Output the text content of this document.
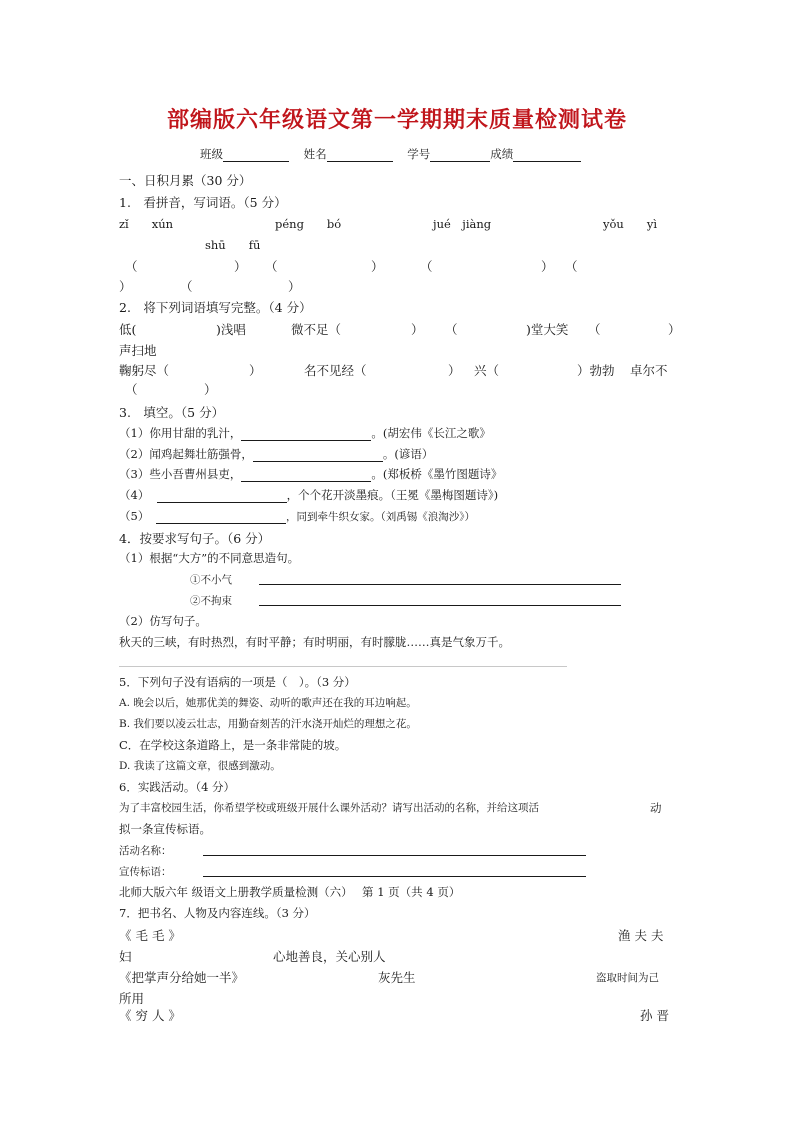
部编版六年级语文第一学期期末质量检测试卷
班级	姓名	学号	成绩
一、日积月累（30 分）
1.　看拼音，写词语。（5 分）
zǐ　　xún	péng　　bó	jué　jiàng	yǒu　　yì
shū　　fū
（	） （	）	（	） （
）	（	）
2.　将下列词语填写完整。（4 分）
低(	)浅唱	微不足（	） （	)堂大笑 （	）
声扫地
鞠躬尽（	）	名不见经（	） 兴（	）勃勃 卓尔不
（	）
3.　填空。（5 分）
（1）你用甘甜的乳汁，	。(胡宏伟《长江之歌》
（2）闻鸡起舞壮筋强骨，	。(谚语）
（3）些小吾曹州县吏，	。(郑板桥《墨竹图题诗》
（4）	，个个花开淡墨痕。（王冕《墨梅图题诗》)
（5）	，同到牵牛织女家。（刘禹锡《浪淘沙》）
4．按要求写句子。（6 分）
（1）根据“大方”的不同意思造句。
①不小气
②不拘束
（2）仿写句子。
秋天的三峡，有时热烈，有时平静；有时明丽，有时朦胧……真是气象万千。
5．下列句子没有语病的一项是（　）。（3 分）
A. 晚会以后，她那优美的舞姿、动听的歌声还在我的耳边响起。
B. 我们要以凌云壮志，用勤奋刻苦的汗水浇开灿烂的理想之花。
C．在学校这条道路上，是一条非常陡的坡。
D. 我读了这篇文章，很感到激动。
6．实践活动。（4 分）
为了丰富校园生活，你希望学校或班级开展什么课外活动？请写出活动的名称，并给这项活	动
拟一条宣传标语。
活动名称：
宣传标语：
北师大版六年 级语文上册教学质量检测（六）　 第 1 页（共 4 页）
7．把书名、人物及内容连线。（3 分）
《 毛 毛 》	渔 夫 夫
妇	心地善良，关心别人
《把掌声分给她一半》	灰先生	盗取时间为己
所用
《 穷 人 》	孙 晋
